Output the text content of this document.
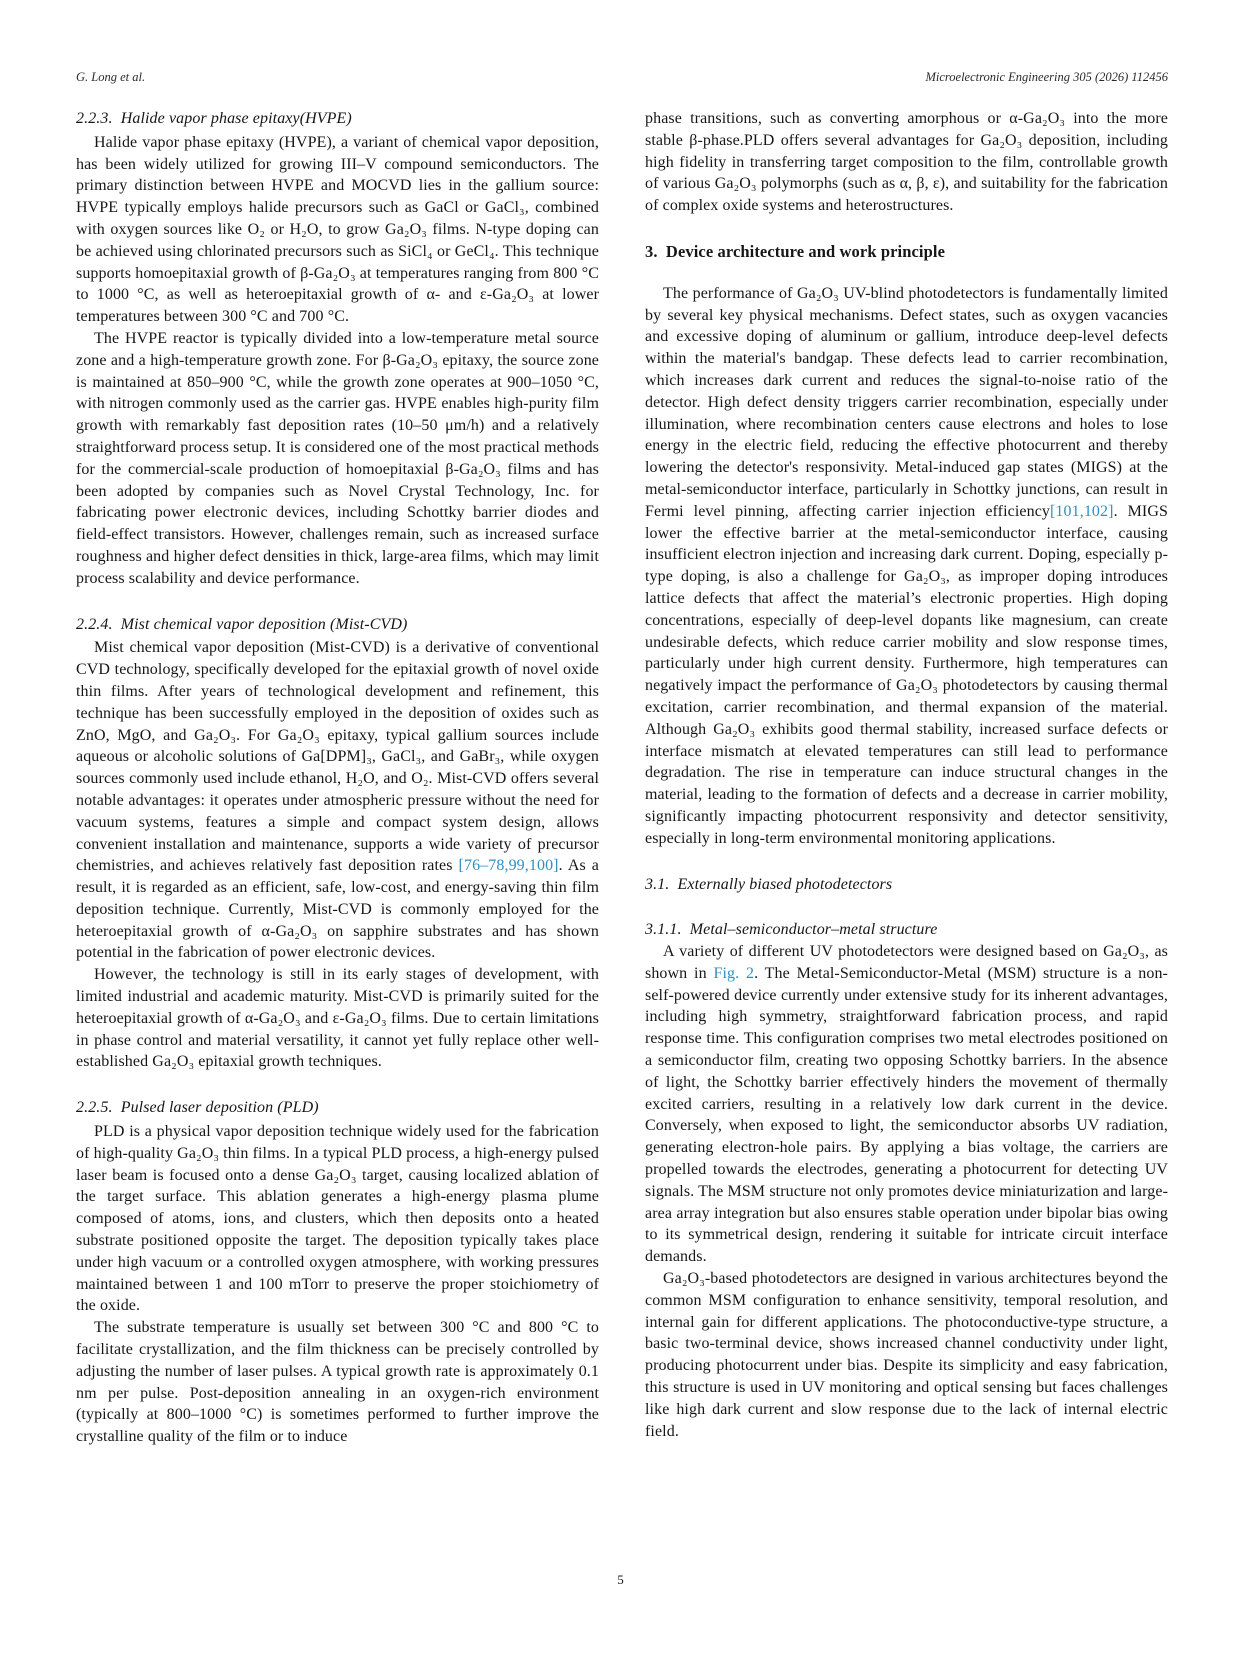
G. Long et al.	Microelectronic Engineering 305 (2026) 112456
2.2.3. Halide vapor phase epitaxy(HVPE)

Halide vapor phase epitaxy (HVPE), a variant of chemical vapor deposition, has been widely utilized for growing III–V compound semiconductors. The primary distinction between HVPE and MOCVD lies in the gallium source: HVPE typically employs halide precursors such as GaCl or GaCl₃, combined with oxygen sources like O₂ or H₂O, to grow Ga₂O₃ films. N-type doping can be achieved using chlorinated precursors such as SiCl₄ or GeCl₄. This technique supports homoepitaxial growth of β-Ga₂O₃ at temperatures ranging from 800 °C to 1000 °C, as well as heteroepitaxial growth of α- and ε-Ga₂O₃ at lower temperatures between 300 °C and 700 °C.

The HVPE reactor is typically divided into a low-temperature metal source zone and a high-temperature growth zone. For β-Ga₂O₃ epitaxy, the source zone is maintained at 850–900 °C, while the growth zone operates at 900–1050 °C, with nitrogen commonly used as the carrier gas. HVPE enables high-purity film growth with remarkably fast deposition rates (10–50 μm/h) and a relatively straightforward process setup. It is considered one of the most practical methods for the commercial-scale production of homoepitaxial β-Ga₂O₃ films and has been adopted by companies such as Novel Crystal Technology, Inc. for fabricating power electronic devices, including Schottky barrier diodes and field-effect transistors. However, challenges remain, such as increased surface roughness and higher defect densities in thick, large-area films, which may limit process scalability and device performance.

2.2.4. Mist chemical vapor deposition (Mist-CVD)

Mist chemical vapor deposition (Mist-CVD) is a derivative of conventional CVD technology, specifically developed for the epitaxial growth of novel oxide thin films. After years of technological development and refinement, this technique has been successfully employed in the deposition of oxides such as ZnO, MgO, and Ga₂O₃. For Ga₂O₃ epitaxy, typical gallium sources include aqueous or alcoholic solutions of Ga[DPM]₃, GaCl₃, and GaBr₃, while oxygen sources commonly used include ethanol, H₂O, and O₂. Mist-CVD offers several notable advantages: it operates under atmospheric pressure without the need for vacuum systems, features a simple and compact system design, allows convenient installation and maintenance, supports a wide variety of precursor chemistries, and achieves relatively fast deposition rates [76–78,99,100]. As a result, it is regarded as an efficient, safe, low-cost, and energy-saving thin film deposition technique. Currently, Mist-CVD is commonly employed for the heteroepitaxial growth of α-Ga₂O₃ on sapphire substrates and has shown potential in the fabrication of power electronic devices.

However, the technology is still in its early stages of development, with limited industrial and academic maturity. Mist-CVD is primarily suited for the heteroepitaxial growth of α-Ga₂O₃ and ε-Ga₂O₃ films. Due to certain limitations in phase control and material versatility, it cannot yet fully replace other well-established Ga₂O₃ epitaxial growth techniques.

2.2.5. Pulsed laser deposition (PLD)

PLD is a physical vapor deposition technique widely used for the fabrication of high-quality Ga₂O₃ thin films. In a typical PLD process, a high-energy pulsed laser beam is focused onto a dense Ga₂O₃ target, causing localized ablation of the target surface. This ablation generates a high-energy plasma plume composed of atoms, ions, and clusters, which then deposits onto a heated substrate positioned opposite the target. The deposition typically takes place under high vacuum or a controlled oxygen atmosphere, with working pressures maintained between 1 and 100 mTorr to preserve the proper stoichiometry of the oxide.

The substrate temperature is usually set between 300 °C and 800 °C to facilitate crystallization, and the film thickness can be precisely controlled by adjusting the number of laser pulses. A typical growth rate is approximately 0.1 nm per pulse. Post-deposition annealing in an oxygen-rich environment (typically at 800–1000 °C) is sometimes performed to further improve the crystalline quality of the film or to induce

phase transitions, such as converting amorphous or α-Ga₂O₃ into the more stable β-phase.PLD offers several advantages for Ga₂O₃ deposition, including high fidelity in transferring target composition to the film, controllable growth of various Ga₂O₃ polymorphs (such as α, β, ε), and suitability for the fabrication of complex oxide systems and heterostructures.

3. Device architecture and work principle

The performance of Ga₂O₃ UV-blind photodetectors is fundamentally limited by several key physical mechanisms. Defect states, such as oxygen vacancies and excessive doping of aluminum or gallium, introduce deep-level defects within the material's bandgap. These defects lead to carrier recombination, which increases dark current and reduces the signal-to-noise ratio of the detector. High defect density triggers carrier recombination, especially under illumination, where recombination centers cause electrons and holes to lose energy in the electric field, reducing the effective photocurrent and thereby lowering the detector's responsivity. Metal-induced gap states (MIGS) at the metal-semiconductor interface, particularly in Schottky junctions, can result in Fermi level pinning, affecting carrier injection efficiency[101,102]. MIGS lower the effective barrier at the metal-semiconductor interface, causing insufficient electron injection and increasing dark current. Doping, especially p-type doping, is also a challenge for Ga₂O₃, as improper doping introduces lattice defects that affect the material’s electronic properties. High doping concentrations, especially of deep-level dopants like magnesium, can create undesirable defects, which reduce carrier mobility and slow response times, particularly under high current density. Furthermore, high temperatures can negatively impact the performance of Ga₂O₃ photodetectors by causing thermal excitation, carrier recombination, and thermal expansion of the material. Although Ga₂O₃ exhibits good thermal stability, increased surface defects or interface mismatch at elevated temperatures can still lead to performance degradation. The rise in temperature can induce structural changes in the material, leading to the formation of defects and a decrease in carrier mobility, significantly impacting photocurrent responsivity and detector sensitivity, especially in long-term environmental monitoring applications.

3.1. Externally biased photodetectors
3.1.1. Metal–semiconductor–metal structure

A variety of different UV photodetectors were designed based on Ga₂O₃, as shown in Fig. 2. The Metal-Semiconductor-Metal (MSM) structure is a non-self-powered device currently under extensive study for its inherent advantages, including high symmetry, straightforward fabrication process, and rapid response time. This configuration comprises two metal electrodes positioned on a semiconductor film, creating two opposing Schottky barriers. In the absence of light, the Schottky barrier effectively hinders the movement of thermally excited carriers, resulting in a relatively low dark current in the device. Conversely, when exposed to light, the semiconductor absorbs UV radiation, generating electron-hole pairs. By applying a bias voltage, the carriers are propelled towards the electrodes, generating a photocurrent for detecting UV signals. The MSM structure not only promotes device miniaturization and large-area array integration but also ensures stable operation under bipolar bias owing to its symmetrical design, rendering it suitable for intricate circuit interface demands.

Ga₂O₃-based photodetectors are designed in various architectures beyond the common MSM configuration to enhance sensitivity, temporal resolution, and internal gain for different applications. The photoconductive-type structure, a basic two-terminal device, shows increased channel conductivity under light, producing photocurrent under bias. Despite its simplicity and easy fabrication, this structure is used in UV monitoring and optical sensing but faces challenges like high dark current and slow response due to the lack of internal electric field.

5
